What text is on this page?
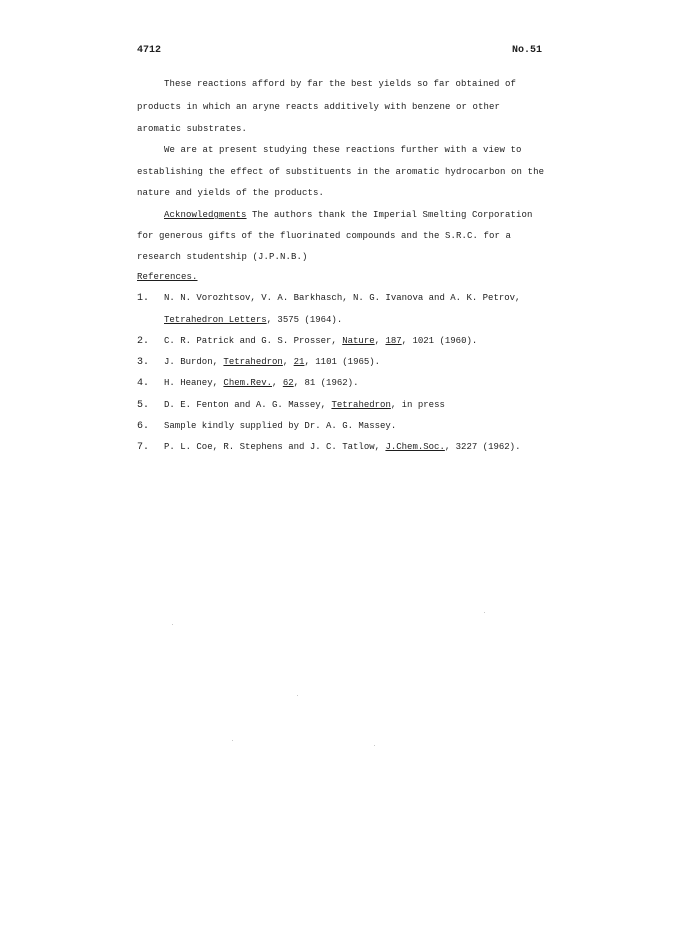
4712	No.51
These reactions afford by far the best yields so far obtained of
products in which an aryne reacts additively with benzene or other
aromatic substrates.
We are at present studying these reactions further with a view to
establishing the effect of substituents in the aromatic hydrocarbon on the
nature and yields of the products.
Acknowledgments The authors thank the Imperial Smelting Corporation
for generous gifts of the fluorinated compounds and the S.R.C. for a
research studentship (J.P.N.B.)
References.
1. N. N. Vorozhtsov, V. A. Barkhasch, N. G. Ivanova and A. K. Petrov,
Tetrahedron Letters, 3575 (1964).
2. C. R. Patrick and G. S. Prosser, Nature, 187, 1021 (1960).
3. J. Burdon, Tetrahedron, 21, 1101 (1965).
4. H. Heaney, Chem.Rev., 62, 81 (1962).
5. D. E. Fenton and A. G. Massey, Tetrahedron, in press
6. Sample kindly supplied by Dr. A. G. Massey.
7. P. L. Coe, R. Stephens and J. C. Tatlow, J.Chem.Soc., 3227 (1962).
